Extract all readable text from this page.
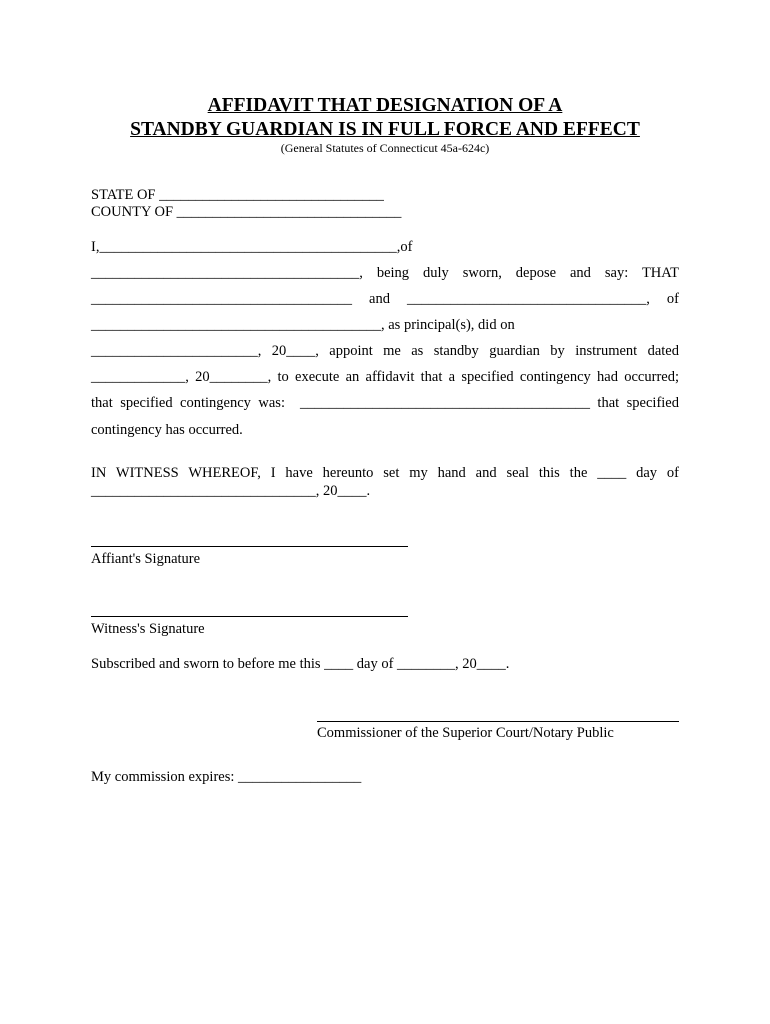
AFFIDAVIT THAT DESIGNATION OF A
STANDBY GUARDIAN IS IN FULL FORCE AND EFFECT
(General Statutes of Connecticut 45a-624c)
STATE OF _______________________________
COUNTY OF _______________________________
I,_________________________________________,of
_____________________________________, being duly sworn, depose and say: THAT
____________________________________ and _________________________________, of
________________________________________, as principal(s), did on
_______________________, 20____, appoint me as standby guardian by instrument dated
_____________, 20________, to execute an affidavit that a specified contingency had occurred;
that specified contingency was:  ________________________________________ that specified
contingency has occurred.
IN WITNESS WHEREOF, I have hereunto set my hand and seal this the ____ day of
_______________________________, 20____.
Affiant's Signature
Witness's Signature
Subscribed and sworn to before me this ____ day of ________, 20____.
Commissioner of the Superior Court/Notary Public
My commission expires: _________________
